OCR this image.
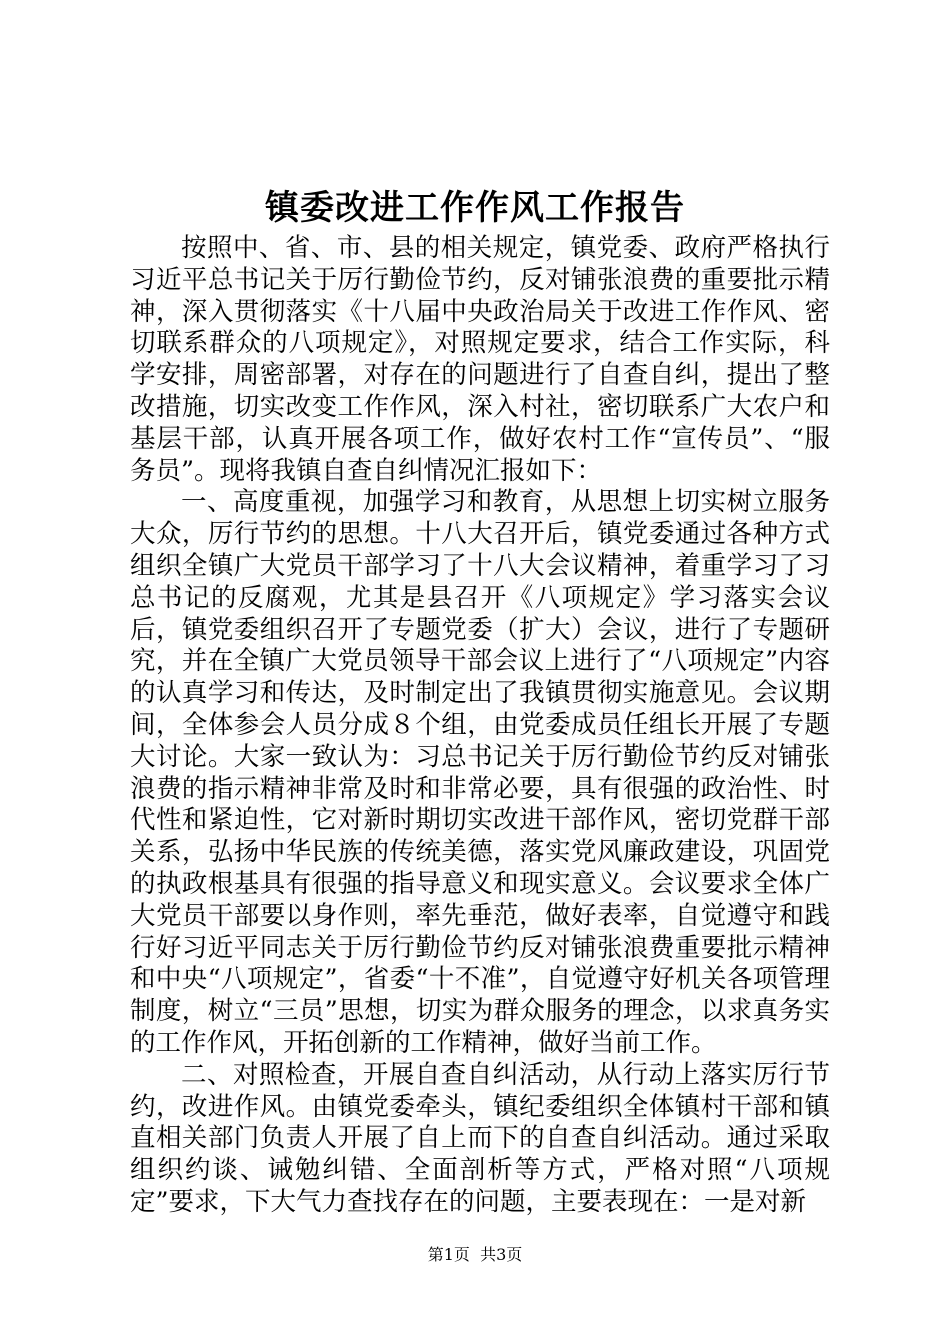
镇委改进工作作风工作报告

按照中、省、市、县的相关规定，镇党委、政府严格执行习近平总书记关于厉行勤俭节约，反对铺张浪费的重要批示精神，深入贯彻落实《十八届中央政治局关于改进工作作风、密切联系群众的八项规定》，对照规定要求，结合工作实际，科学安排，周密部署，对存在的问题进行了自查自纠，提出了整改措施，切实改变工作作风，深入村社，密切联系广大农户和基层干部，认真开展各项工作，做好农村工作“宣传员”、“服务员”。现将我镇自查自纠情况汇报如下：

一、高度重视，加强学习和教育，从思想上切实树立服务大众，厉行节约的思想。十八大召开后，镇党委通过各种方式组织全镇广大党员干部学习了十八大会议精神，着重学习了习总书记的反腐观，尤其是县召开《八项规定》学习落实会议后，镇党委组织召开了专题党委（扩大）会议，进行了专题研究，并在全镇广大党员领导干部会议上进行了“八项规定”内容的认真学习和传达，及时制定出了我镇贯彻实施意见。会议期间，全体参会人员分成８个组，由党委成员任组长开展了专题大讨论。大家一致认为：习总书记关于厉行勤俭节约反对铺张浪费的指示精神非常及时和非常必要，具有很强的政治性、时代性和紧迫性，它对新时期切实改进干部作风，密切党群干部关系，弘扬中华民族的传统美德，落实党风廉政建设，巩固党的执政根基具有很强的指导意义和现实意义。会议要求全体广大党员干部要以身作则，率先垂范，做好表率，自觉遵守和践行好习近平同志关于厉行勤俭节约反对铺张浪费重要批示精神和中央“八项规定”，省委“十不准”，自觉遵守好机关各项管理制度，树立“三员”思想，切实为群众服务的理念，以求真务实的工作作风，开拓创新的工作精神，做好当前工作。

二、对照检查，开展自查自纠活动，从行动上落实厉行节约，改进作风。由镇党委牵头，镇纪委组织全体镇村干部和镇直相关部门负责人开展了自上而下的自查自纠活动。通过采取组织约谈、诫勉纠错、全面剖析等方式，严格对照“八项规定”要求，下大气力查找存在的问题，主要表现在：一是对新

第1页 共3页
